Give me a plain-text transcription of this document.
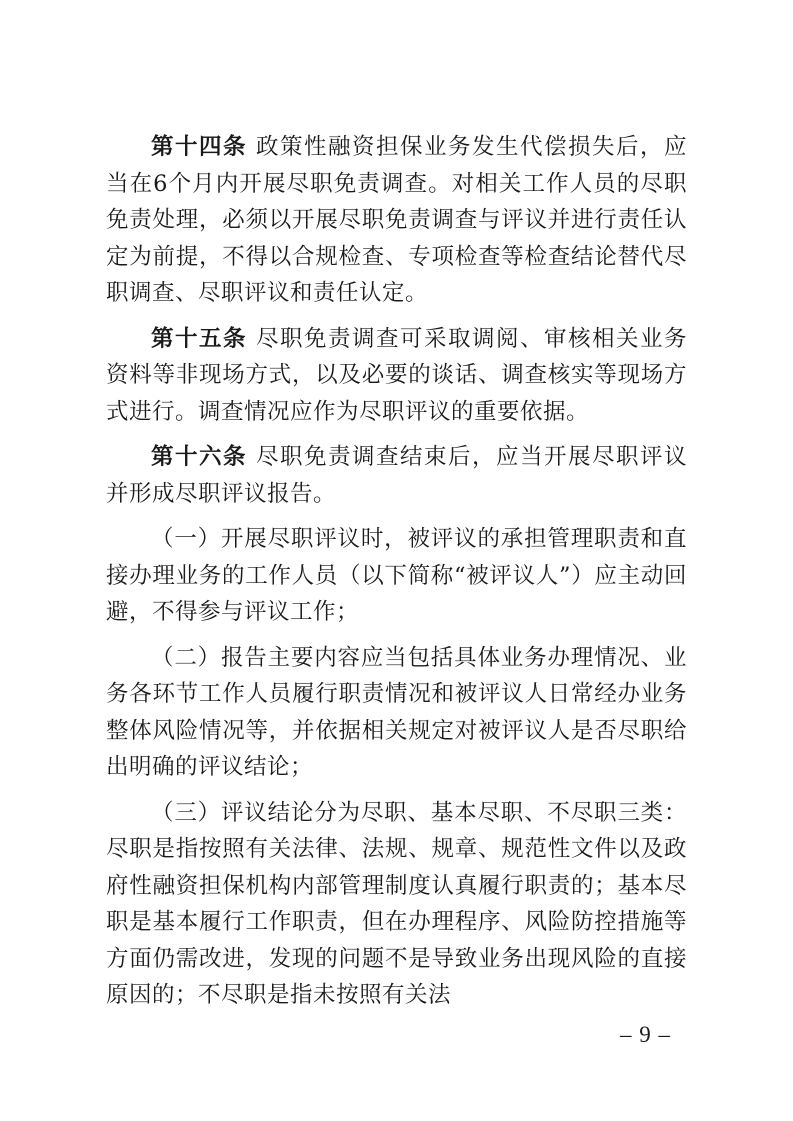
第十四条 政策性融资担保业务发生代偿损失后，应当在6个月内开展尽职免责调查。对相关工作人员的尽职免责处理，必须以开展尽职免责调查与评议并进行责任认定为前提，不得以合规检查、专项检查等检查结论替代尽职调查、尽职评议和责任认定。

第十五条 尽职免责调查可采取调阅、审核相关业务资料等非现场方式，以及必要的谈话、调查核实等现场方式进行。调查情况应作为尽职评议的重要依据。

第十六条 尽职免责调查结束后，应当开展尽职评议并形成尽职评议报告。

（一）开展尽职评议时，被评议的承担管理职责和直接办理业务的工作人员（以下简称“被评议人”）应主动回避，不得参与评议工作；

（二）报告主要内容应当包括具体业务办理情况、业务各环节工作人员履行职责情况和被评议人日常经办业务整体风险情况等，并依据相关规定对被评议人是否尽职给出明确的评议结论；

（三）评议结论分为尽职、基本尽职、不尽职三类：尽职是指按照有关法律、法规、规章、规范性文件以及政府性融资担保机构内部管理制度认真履行职责的；基本尽职是基本履行工作职责，但在办理程序、风险防控措施等方面仍需改进，发现的问题不是导致业务出现风险的直接原因的；不尽职是指未按照有关法

– 9 –
